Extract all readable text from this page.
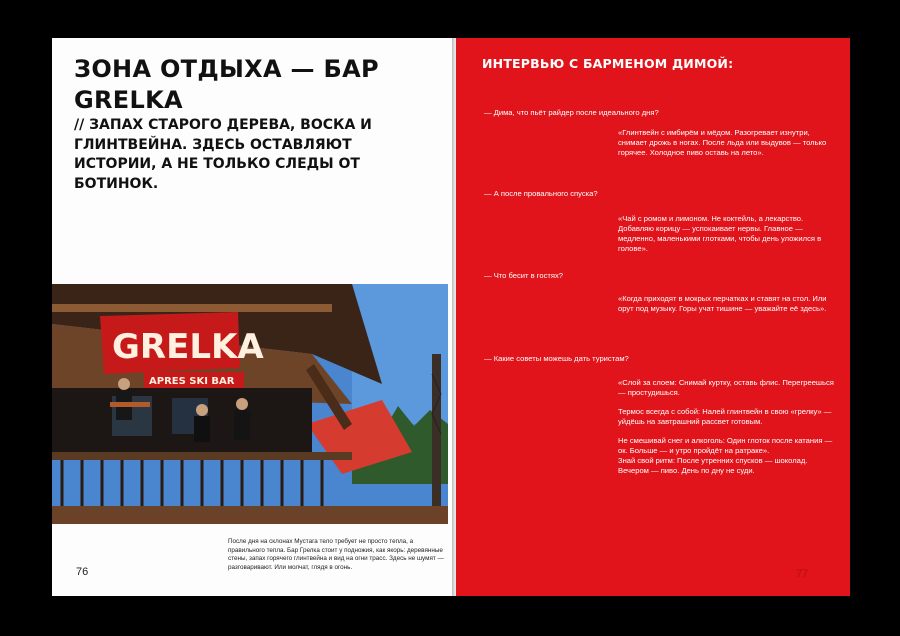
ЗОНА ОТДЫХА — БАР GRELKA

// ЗАПАХ СТАРОГО ДЕРЕВА, ВОСКА И ГЛИНТВЕЙНА. ЗДЕСЬ ОСТАВЛЯЮТ ИСТОРИИ, А НЕ ТОЛЬКО СЛЕДЫ ОТ БОТИНОК.

GRELKA
APRES SKI BAR

После дня на склонах Мустага тело требует не просто тепла, а правильного тепла. Бар Грелка стоит у подножия, как якорь: деревянные стены, запах горячего глинтвейна и вид на огни трасс. Здесь не шумят — разговаривают. Или молчат, глядя в огонь.

76
ИНТЕРВЬЮ С БАРМЕНОМ ДИМОЙ:

— Дима, что пьёт райдер после идеального дня?

«Глинтвейн с имбирём и мёдом. Разогревает изнутри, снимает дрожь в ногах. После льда или выдувов — только горячее. Холодное пиво оставь на лето».

— А после провального спуска?

«Чай с ромом и лимоном. Не коктейль, а лекарство. Добавляю корицу — успокаивает нервы. Главное — медленно, маленькими глотками, чтобы день уложился в голове».

— Что бесит в гостях?

«Когда приходят в мокрых перчатках и ставят на стол. Или орут под музыку. Горы учат тишине — уважайте её здесь».

— Какие советы можешь дать туристам?

«Слой за слоем: Снимай куртку, оставь флис. Перегреешься — простудишься.

Термос всегда с собой: Налей глинтвейн в свою «грелку» — уйдёшь на завтрашний рассвет готовым.

Не смешивай снег и алкоголь: Один глоток после катания — ок. Больше — и утро пройдёт на ратраке».

Знай свой ритм: После утренних спусков — шоколад. Вечером — пиво. День по дну не суди.

77
